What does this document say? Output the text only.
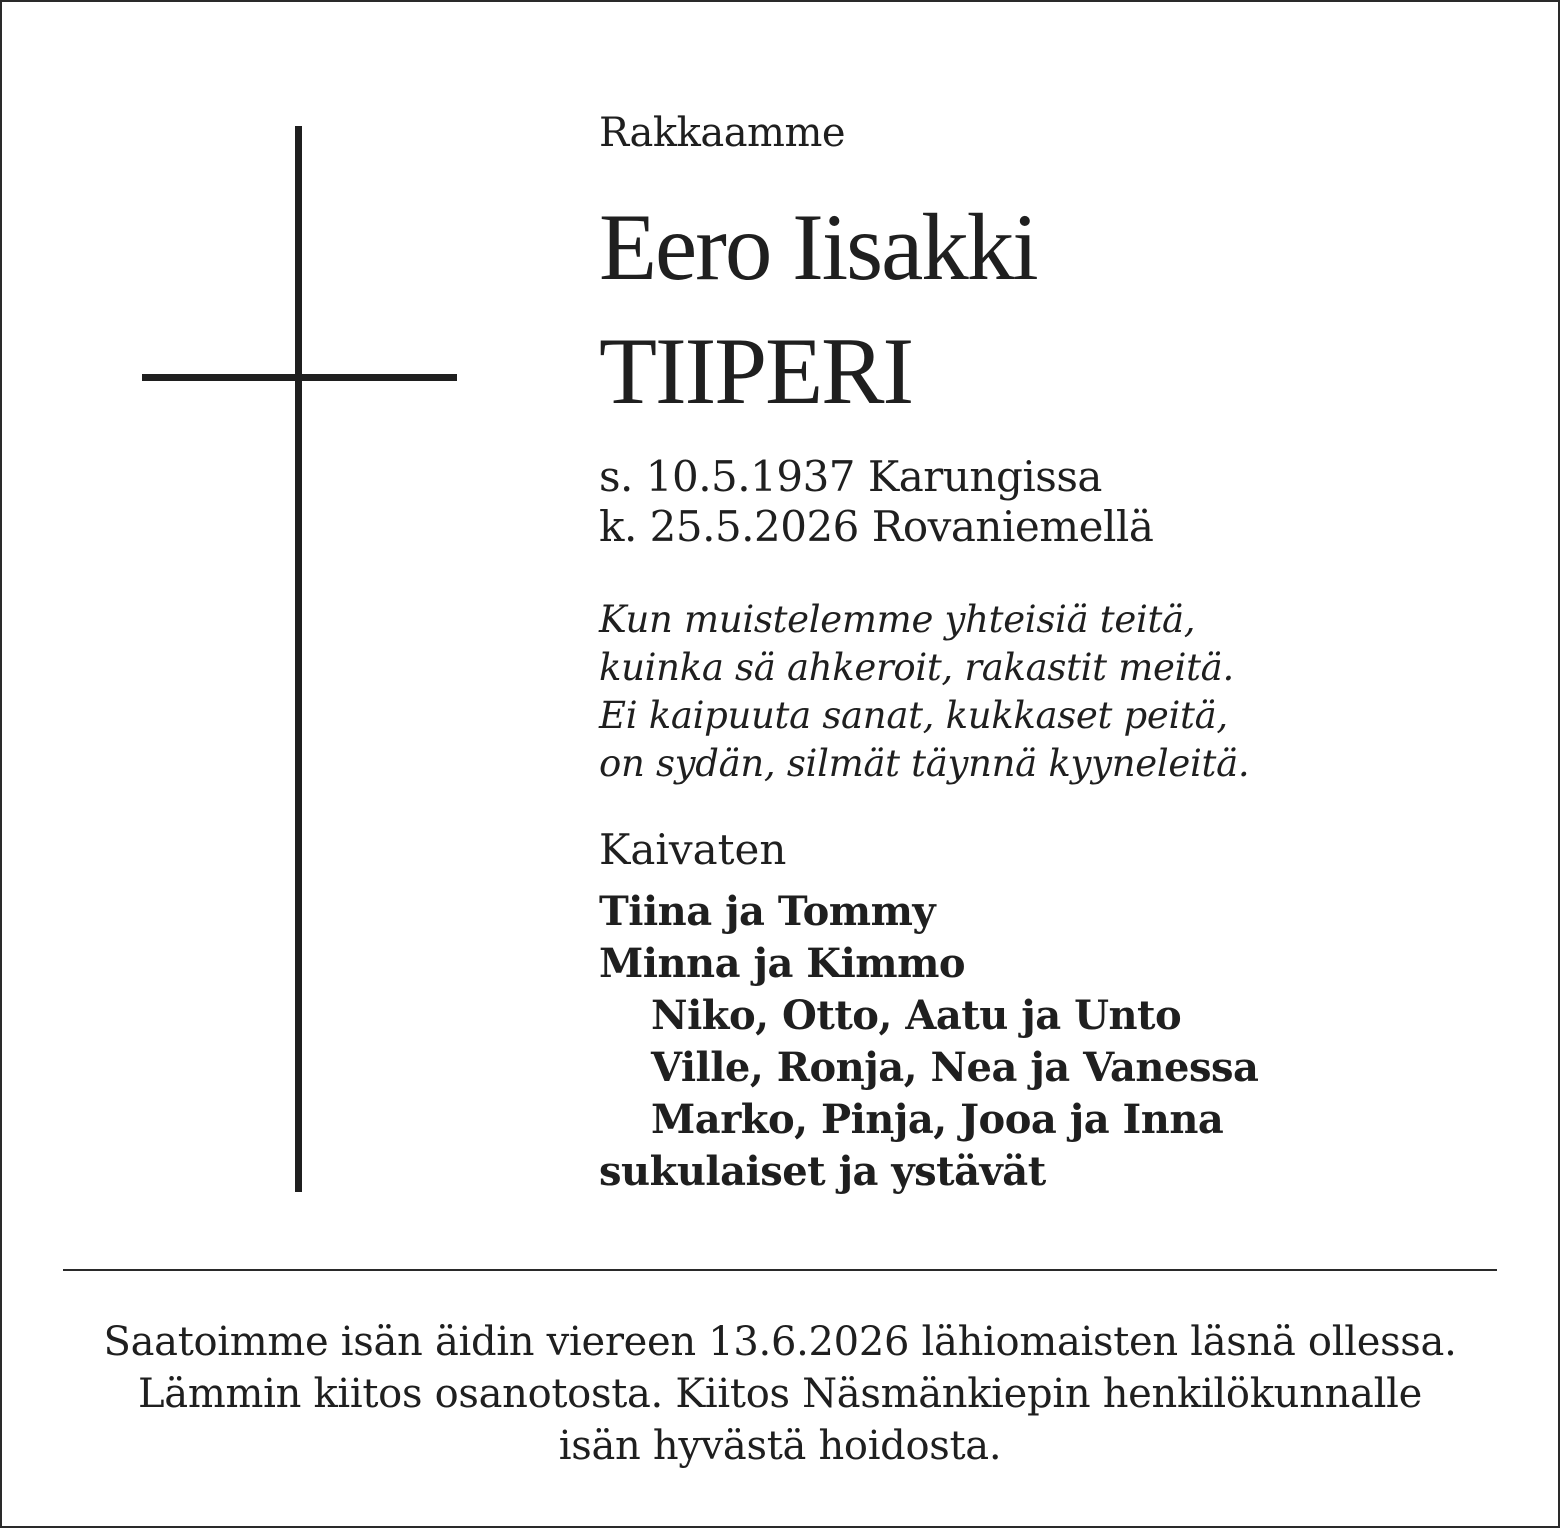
Rakkaamme
Eero Iisakki
TIIPERI
s. 10.5.1937 Karungissa
k. 25.5.2026 Rovaniemellä
Kun muistelemme yhteisiä teitä,
kuinka sä ahkeroit, rakastit meitä.
Ei kaipuuta sanat, kukkaset peitä,
on sydän, silmät täynnä kyyneleitä.
Kaivaten
Tiina ja Tommy
Minna ja Kimmo
Niko, Otto, Aatu ja Unto
Ville, Ronja, Nea ja Vanessa
Marko, Pinja, Jooa ja Inna
sukulaiset ja ystävät
Saatoimme isän äidin viereen 13.6.2026 lähiomaisten läsnä ollessa.
Lämmin kiitos osanotosta. Kiitos Näsmänkiepin henkilökunnalle
isän hyvästä hoidosta.
